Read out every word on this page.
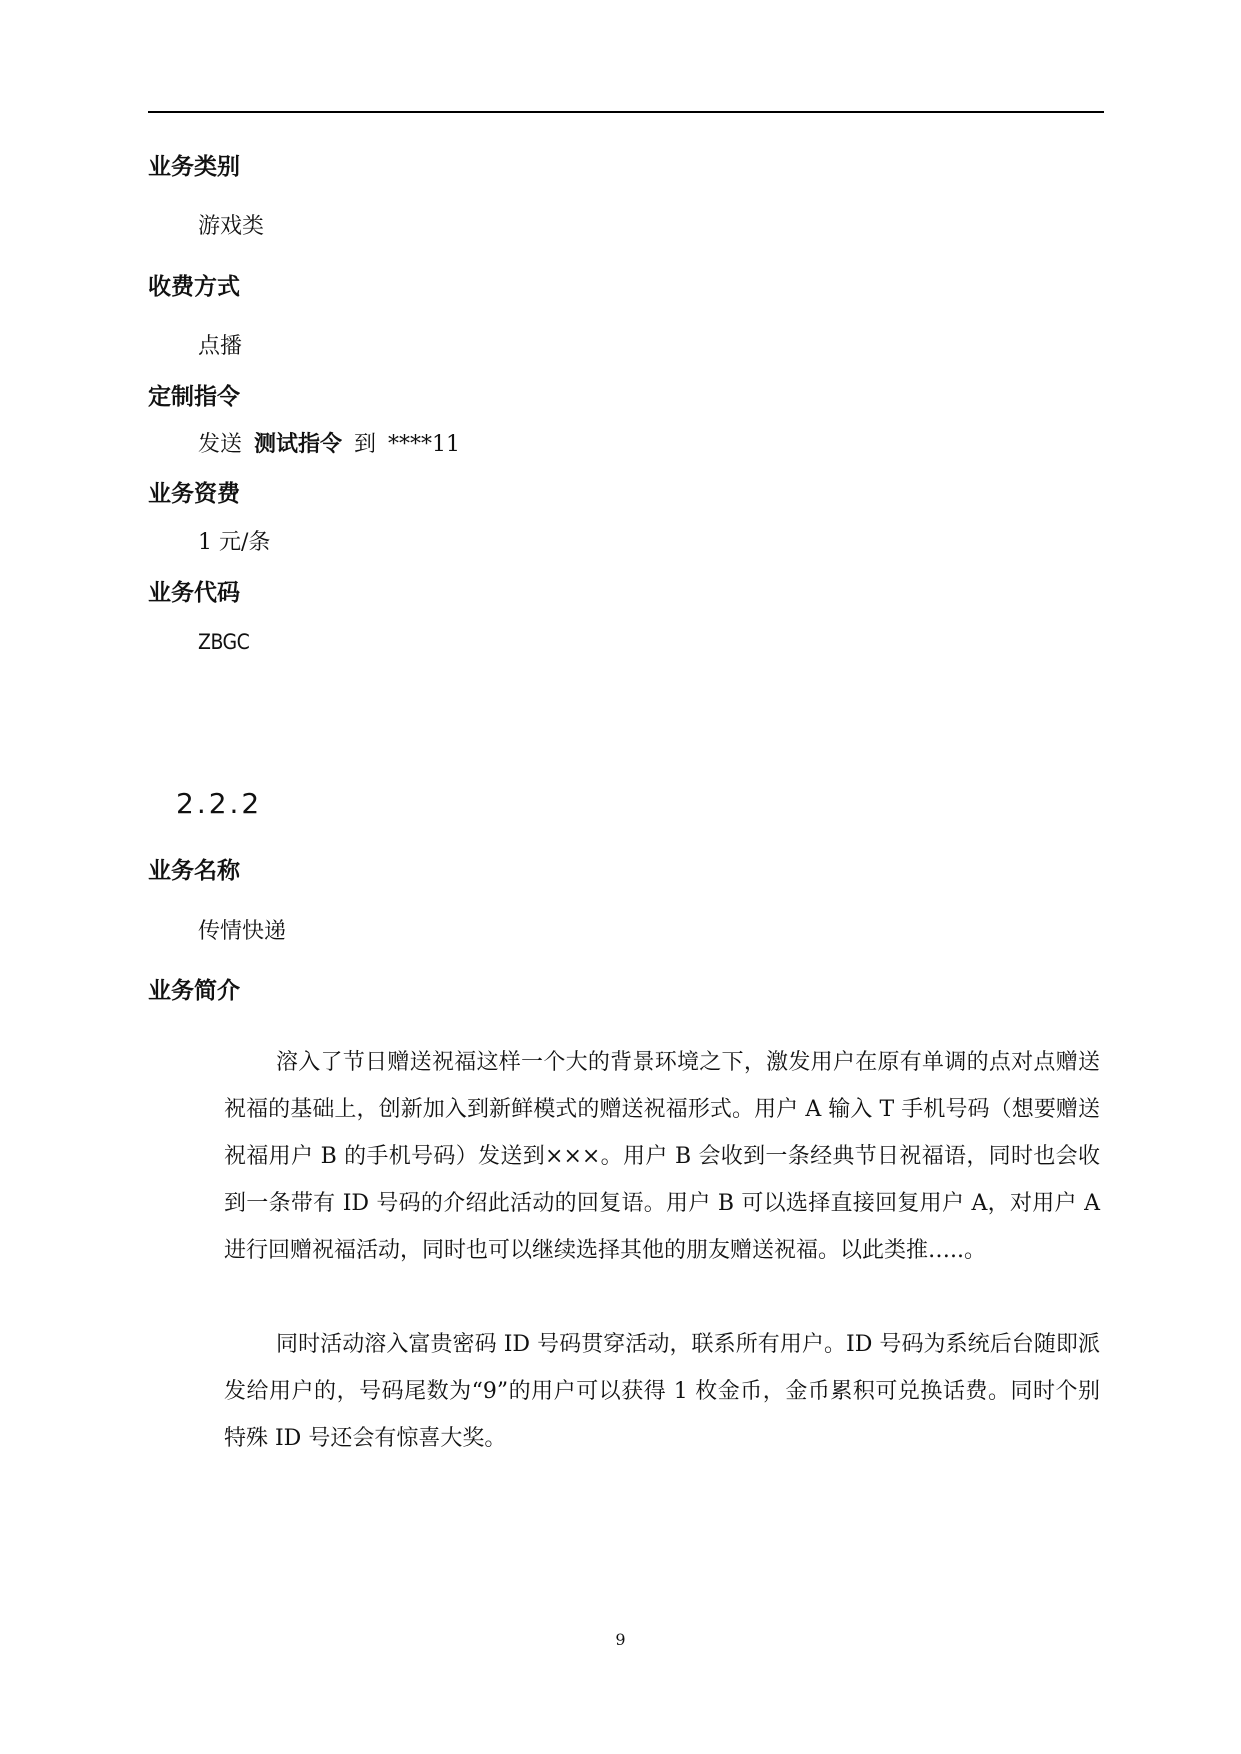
业务类别
游戏类
收费方式
点播
定制指令
发送 测试指令 到 ****11
业务资费
1 元/条
业务代码
ZBGC
2.2.2
业务名称
传情快递
业务简介

溶入了节日赠送祝福这样一个大的背景环境之下，激发用户在原有单调的点对点赠送祝福的基础上，创新加入到新鲜模式的赠送祝福形式。用户 A 输入 T 手机号码（想要赠送祝福用户 B 的手机号码）发送到×××。用户 B 会收到一条经典节日祝福语，同时也会收到一条带有 ID 号码的介绍此活动的回复语。用户 B 可以选择直接回复用户 A，对用户 A 进行回赠祝福活动，同时也可以继续选择其他的朋友赠送祝福。以此类推…..。

同时活动溶入富贵密码 ID 号码贯穿活动，联系所有用户。ID 号码为系统后台随即派发给用户的，号码尾数为“9”的用户可以获得 1 枚金币，金币累积可兑换话费。同时个别特殊 ID 号还会有惊喜大奖。

9
